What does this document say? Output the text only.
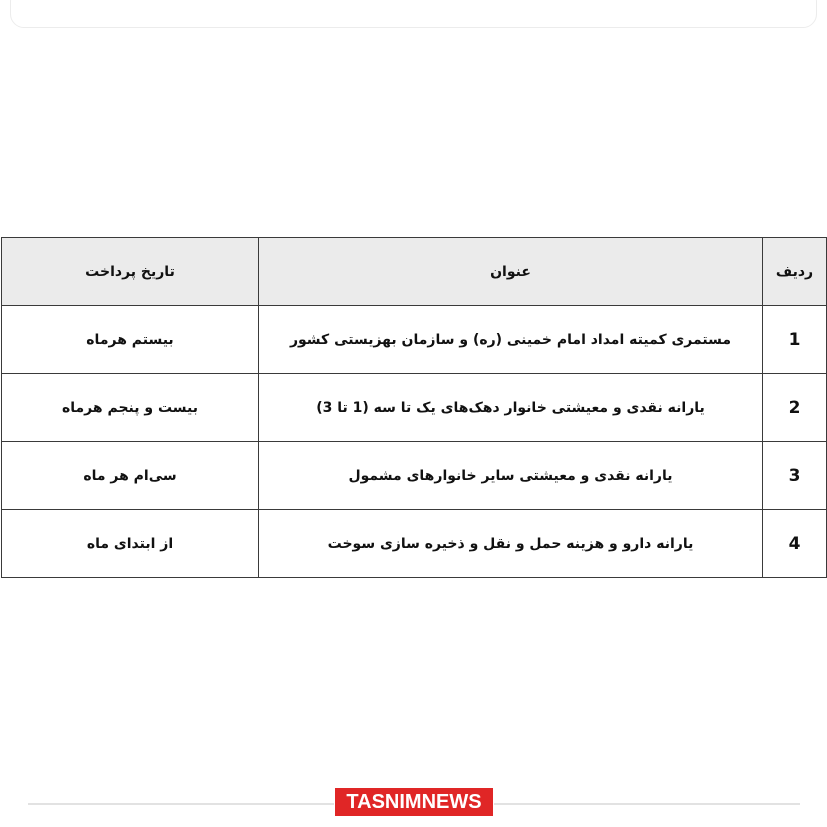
ردیف	عنوان	تاریخ پرداخت
1	مستمری کمیته امداد امام خمینی (ره) و سازمان بهزیستی کشور	بیستم هرماه
2	یارانه نقدی و معیشتی خانوار دهک‌های یک تا سه (1 تا 3)	بیست و پنجم هرماه
3	یارانه نقدی و معیشتی سایر خانوارهای مشمول	سی‌ام هر ماه
4	یارانه دارو و هزینه حمل و نقل و ذخیره سازی سوخت	از ابتدای ماه
TASNIMNEWS
